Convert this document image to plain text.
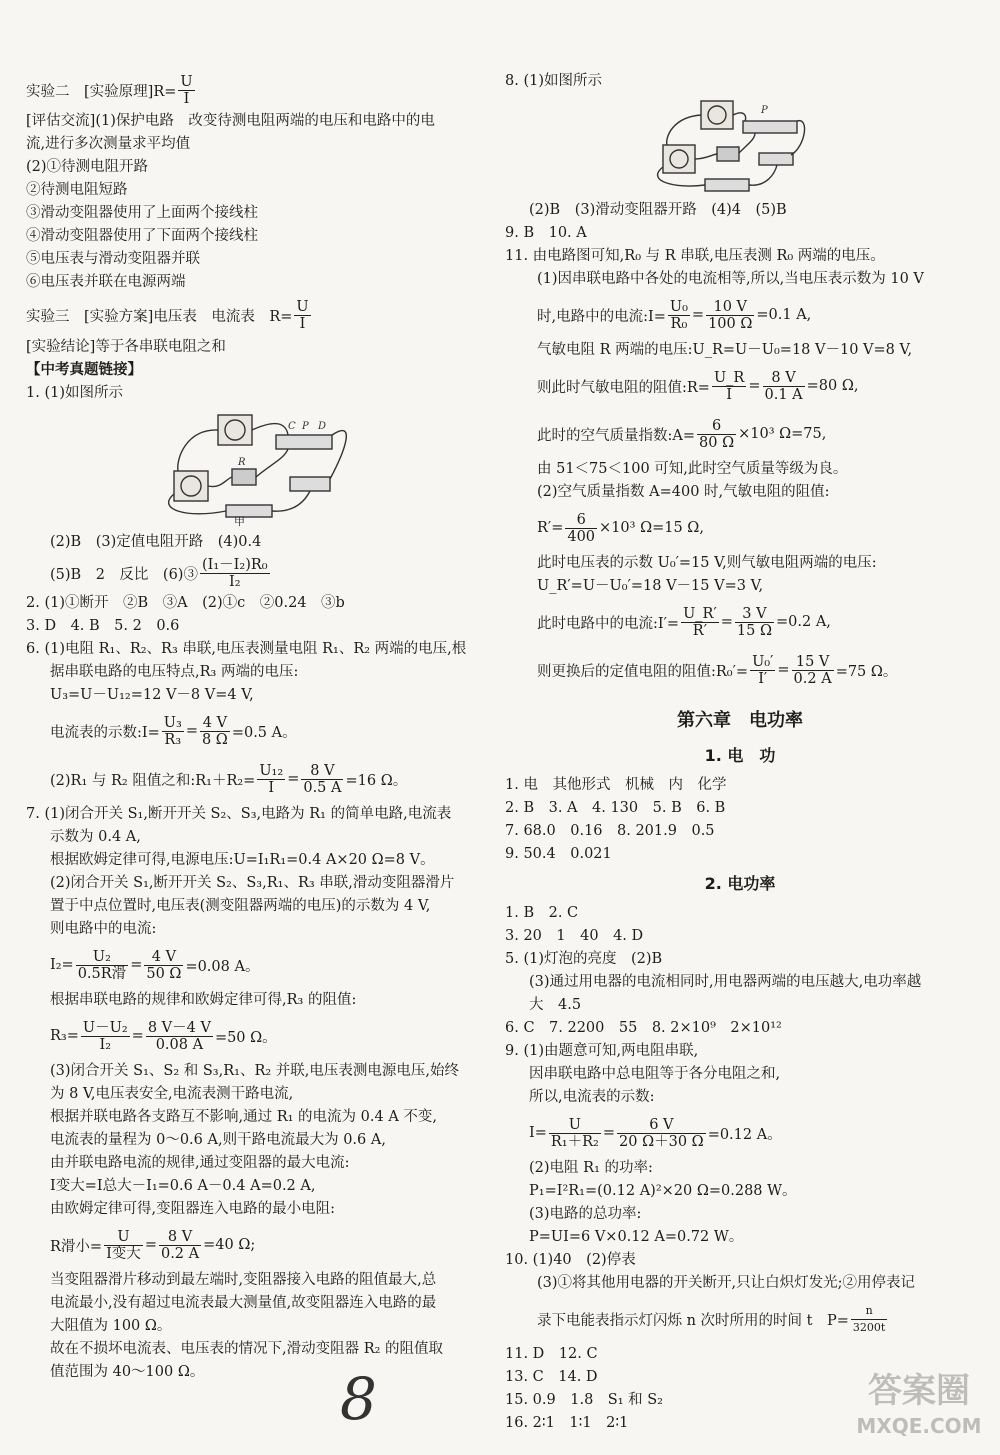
实验二　[实验原理]$R= \frac{U}{I}$
[评估交流](1)保护电路　改变待测电阻两端的电压和电路中的电
流,进行多次测量求平均值
(2)①待测电阻开路
②待测电阻短路
③滑动变阻器使用了上面两个接线柱
④滑动变阻器使用了下面两个接线柱
⑤电压表与滑动变阻器并联
⑥电压表并联在电源两端
实验三　[实验方案]电压表　电流表　$R= \frac{U}{I}$
[实验结论]等于各串联电阻之和
【中考真题链接】
1. (1)如图所示
C P D
R
甲
(2)B　(3)定值电阻开路　(4)0.4
(5)B　2　反比　(6)③ $\frac{\text{(I₁－I₂)R₀}}{\text{I₂}}$
2. (1)①断开　②B　③A　(2)①c　②0.24　③b
3. D　4. B　5. 2　0.6
6. (1)电阻 R₁、R₂、R₃ 串联,电压表测量电阻 R₁、R₂ 两端的电压,根
据串联电路的电压特点,R₃ 两端的电压:
U₃=U－U₁₂=12 V－8 V=4 V,
电流表的示数:I= $\frac{\text{U₃}}{\text{R₃}} = \frac{4 V}{8 \Omega} =0.5$ A。
(2)R₁ 与 R₂ 阻值之和:R₁＋R₂= $\frac{\text{U₁₂}}{I} = \frac{8 V}{0.5 A} =16$ Ω。
7. (1)闭合开关 S₁,断开开关 S₂、S₃,电路为 R₁ 的简单电路,电流表
示数为 0.4 A,
根据欧姆定律可得,电源电压:U=I₁R₁=0.4 A×20 Ω=8 V。
(2)闭合开关 S₁,断开开关 S₂、S₃,R₁、R₃ 串联,滑动变阻器滑片
置于中点位置时,电压表(测变阻器两端的电压)的示数为 4 V,
则电路中的电流:
$I_2= \frac{\text{U₂}}{\text{0.5R滑}} = \frac{4 V}{50 \Omega} =0.08$ A。
根据串联电路的规律和欧姆定律可得,R₃ 的阻值:
$R_3= \frac{\text{U－U₂}}{\text{I₂}} = \frac{8 V-4 V}{0.08 A} =50$ Ω。
(3)闭合开关 S₁、S₂ 和 S₃,R₁、R₂ 并联,电压表测电源电压,始终
为 8 V,电压表安全,电流表测干路电流,
根据并联电路各支路互不影响,通过 R₁ 的电流为 0.4 A 不变,
电流表的量程为 0～0.6 A,则干路电流最大为 0.6 A,
由并联电路电流的规律,通过变阻器的最大电流:
I变大=I总大－I₁=0.6 A－0.4 A=0.2 A,
由欧姆定律可得,变阻器连入电路的最小电阻:
R滑小= $\frac{U}{\text{I变大}} = \frac{8 V}{0.2 A} =40$ Ω;
当变阻器滑片移动到最左端时,变阻器接入电路的阻值最大,总
电流最小,没有超过电流表最大测量值,故变阻器连入电路的最
大阻值为 100 Ω。
故在不损坏电流表、电压表的情况下,滑动变阻器 R₂ 的阻值取
值范围为 40～100 Ω。
8. (1)如图所示
P
(2)B　(3)滑动变阻器开路　(4)4　(5)B
9. B　10. A
11. 由电路图可知,R₀ 与 R 串联,电压表测 R₀ 两端的电压。
(1)因串联电路中各处的电流相等,所以,当电压表示数为 10 V
时,电路中的电流:I= $\frac{\text{U₀}}{\text{R₀}} = \frac{10 V}{100 \Omega} =0.1$ A,
气敏电阻 R 两端的电压:U_R=U－U₀=18 V－10 V=8 V,
则此时气敏电阻的阻值:R= $\frac{U\_R}{I} = \frac{8 V}{0.1 A} =80$ Ω,
此时的空气质量指数:A= $\frac{6}{80 \Omega} \times 10^3$ Ω=75,
由 51＜75＜100 可知,此时空气质量等级为良。
(2)空气质量指数 A=400 时,气敏电阻的阻值:
$R'= \frac{6}{400} \times 10^3$ Ω=15 Ω,
此时电压表的示数 U₀′=15 V,则气敏电阻两端的电压:
U_R′=U－U₀′=18 V－15 V=3 V,
此时电路中的电流:I′= $\frac{U\_R'}{R'} = \frac{3 V}{15 \Omega} =0.2$ A,
则更换后的定值电阻的阻值:R₀′= $\frac{\text{U₀′}}{I'} = \frac{15 V}{0.2 A} =75$ Ω。
第六章　电功率
1. 电　功
1. 电　其他形式　机械　内　化学
2. B　3. A　4. 130　5. B　6. B
7. 68.0　0.16　8. 201.9　0.5
9. 50.4　0.021
2. 电功率
1. B　2. C
3. 20　1　40　4. D
5. (1)灯泡的亮度　(2)B
(3)通过用电器的电流相同时,用电器两端的电压越大,电功率越
大　4.5
6. C　7. 2200　55　8. 2×10⁹　2×10¹²
9. (1)由题意可知,两电阻串联,
因串联电路中总电阻等于各分电阻之和,
所以,电流表的示数:
$I= \frac{U}{\text{R₁＋R₂}} = \frac{6 V}{20 \Omega+30 \Omega} =0.12$ A。
(2)电阻 R₁ 的功率:
P₁=I²R₁=(0.12 A)²×20 Ω=0.288 W。
(3)电路的总功率:
P=UI=6 V×0.12 A=0.72 W。
10. (1)40　(2)停表
(3)①将其他用电器的开关断开,只让白炽灯发光;②用停表记
录下电能表指示灯闪烁 n 次时所用的时间 t　$P= \frac{n}{3200t}$
11. D　12. C
13. C　14. D
15. 0.9　1.8　S₁ 和 S₂
16. 2∶1　1∶1　2∶1
8	答案圈
MXQE.COM
